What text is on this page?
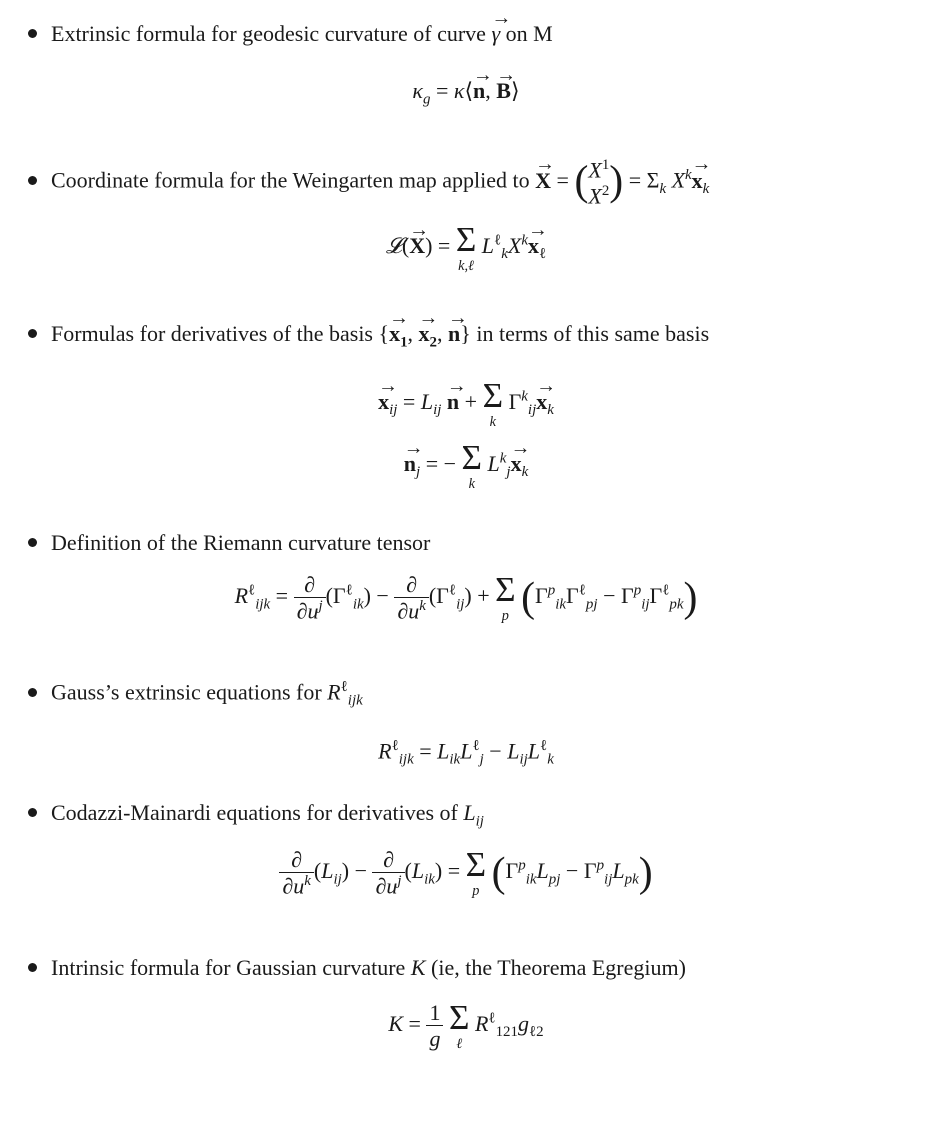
Extrinsic formula for geodesic curvature of curve → γ on M
$\kappa_g$ = κ⟨→ n, → B⟩
Coordinate formula for the Weingarten map applied to → $X = (X^1$
$X^2) = \Sigma_k$ $X^k\to x_k$
𝓛(→ X) = Σ
k,ℓ
$L^\ell_kX^k\to x_\ell$
Formulas for derivatives of the basis {→ $x_1$, → $x_2$, → n} in terms of this same basis
→ $x_{ij} = L_{ij} \to n + \Sigma$
k
$\Gamma^k_{ij}\to x_k$
→ $n_j$ = − Σ
k
$L^k_j\to x_k$
Definition of the Riemann curvature tensor
$R^\ell_{ijk} = \frac{\partial}{\partial u^j} (\Gamma^\ell_{ik}) - \frac{\partial}{\partial u^k} (\Gamma^\ell_{ij}) + \Sigma$
p $(\Gamma^p_{ik}\Gamma^\ell_{pj} - \Gamma^p_{ij}\Gamma^\ell_{pk})$
Gauss’s extrinsic equations for $R^\ell_{ijk}$
$R^\ell_{ijk} = L_{ik}L^\ell_j - L_{ij}L^\ell_k$
Codazzi-Mainardi equations for derivatives of $L_{ij}$
$\frac{\partial}{\partial u^k} (L_{ij}) - \frac{\partial}{\partial u^j} (L_{ik}) = \Sigma$
p $(\Gamma^p_{ik}L_{pj} - \Gamma^p_{ij}L_{pk})$
Intrinsic formula for Gaussian curvature K (ie, the Theorema Egregium)
$K = \frac{1}{g}$
Σ
ℓ
$R^\ell_{121}g_{\ell 2}$
